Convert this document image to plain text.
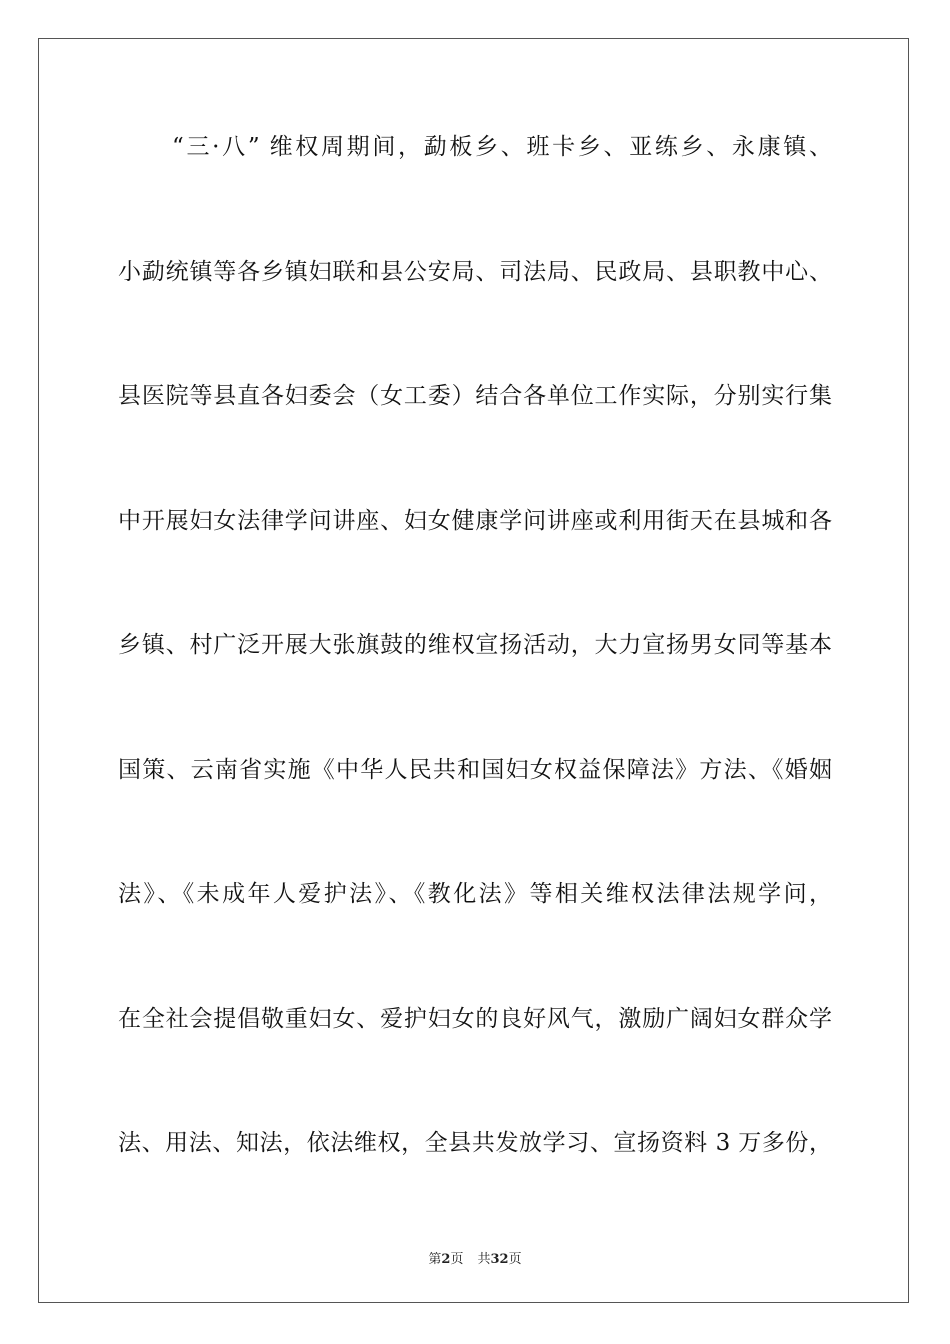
“三·八” 维权周期间，勐板乡、班卡乡、亚练乡、永康镇、
小勐统镇等各乡镇妇联和县公安局、司法局、民政局、县职教中心、
县医院等县直各妇委会（女工委）结合各单位工作实际，分别实行集
中开展妇女法律学问讲座、妇女健康学问讲座或利用街天在县城和各
乡镇、村广泛开展大张旗鼓的维权宣扬活动，大力宣扬男女同等基本
国策、云南省实施《中华人民共和国妇女权益保障法》方法、《婚姻
法》、《未成年人爱护法》、《教化法》等相关维权法律法规学问，
在全社会提倡敬重妇女、爱护妇女的良好风气，激励广阔妇女群众学
法、用法、知法，依法维权，全县共发放学习、宣扬资料 3 万多份，
第2页 共32页
